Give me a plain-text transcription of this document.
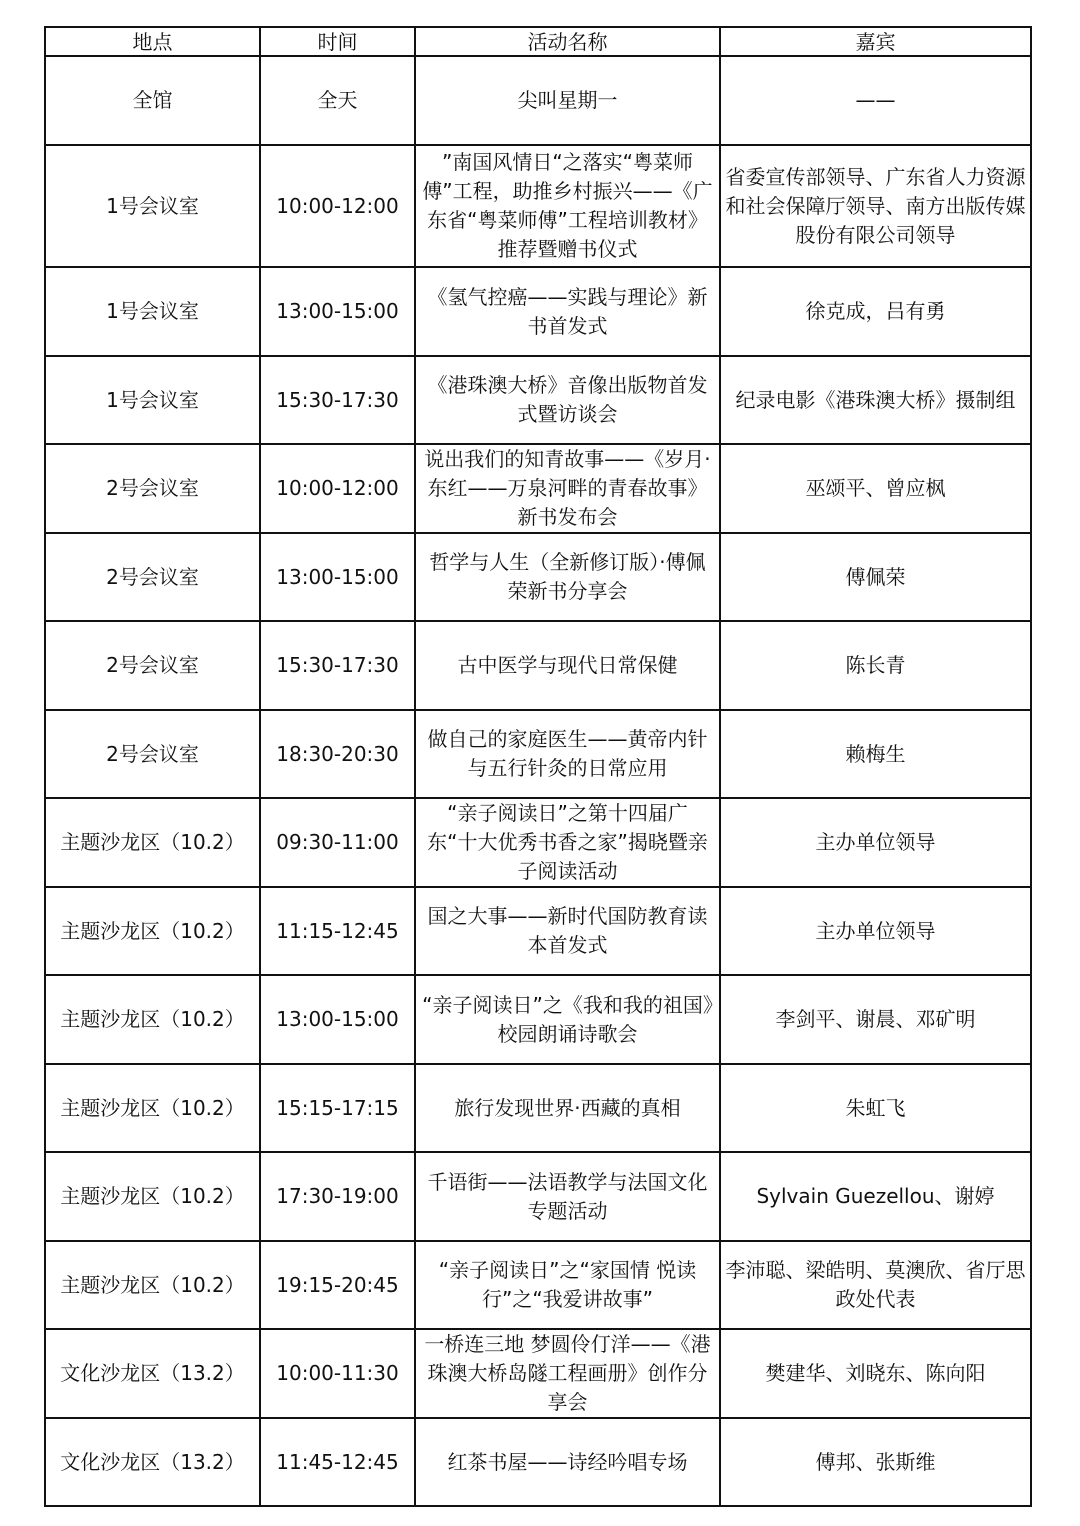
地点	时间	活动名称	嘉宾
全馆	全天	尖叫星期一	——
1号会议室	10:00-12:00	”南国风情日“之落实“粤菜师傅”工程，助推乡村振兴——《广东省“粤菜师傅”工程培训教材》推荐暨赠书仪式	省委宣传部领导、广东省人力资源和社会保障厅领导、南方出版传媒股份有限公司领导
1号会议室	13:00-15:00	《氢气控癌——实践与理论》新书首发式	徐克成，吕有勇
1号会议室	15:30-17:30	《港珠澳大桥》音像出版物首发式暨访谈会	纪录电影《港珠澳大桥》摄制组
2号会议室	10:00-12:00	说出我们的知青故事——《岁月·东红——万泉河畔的青春故事》新书发布会	巫颂平、曾应枫
2号会议室	13:00-15:00	哲学与人生（全新修订版）·傅佩荣新书分享会	傅佩荣
2号会议室	15:30-17:30	古中医学与现代日常保健	陈长青
2号会议室	18:30-20:30	做自己的家庭医生——黄帝内针与五行针灸的日常应用	赖梅生
主题沙龙区（10.2）	09:30-11:00	“亲子阅读日”之第十四届广东“十大优秀书香之家”揭晓暨亲子阅读活动	主办单位领导
主题沙龙区（10.2）	11:15-12:45	国之大事——新时代国防教育读本首发式	主办单位领导
主题沙龙区（10.2）	13:00-15:00	“亲子阅读日”之《我和我的祖国》校园朗诵诗歌会	李剑平、谢晨、邓矿明
主题沙龙区（10.2）	15:15-17:15	旅行发现世界·西藏的真相	朱虹飞
主题沙龙区（10.2）	17:30-19:00	千语街——法语教学与法国文化专题活动	Sylvain Guezellou、谢婷
主题沙龙区（10.2）	19:15-20:45	“亲子阅读日”之“家国情 悦读行”之“我爱讲故事”	李沛聪、梁皓明、莫澳欣、省厅思政处代表
文化沙龙区（13.2）	10:00-11:30	一桥连三地 梦圆伶仃洋——《港珠澳大桥岛隧工程画册》创作分享会	樊建华、刘晓东、陈向阳
文化沙龙区（13.2）	11:45-12:45	红茶书屋——诗经吟唱专场	傅邦、张斯维
